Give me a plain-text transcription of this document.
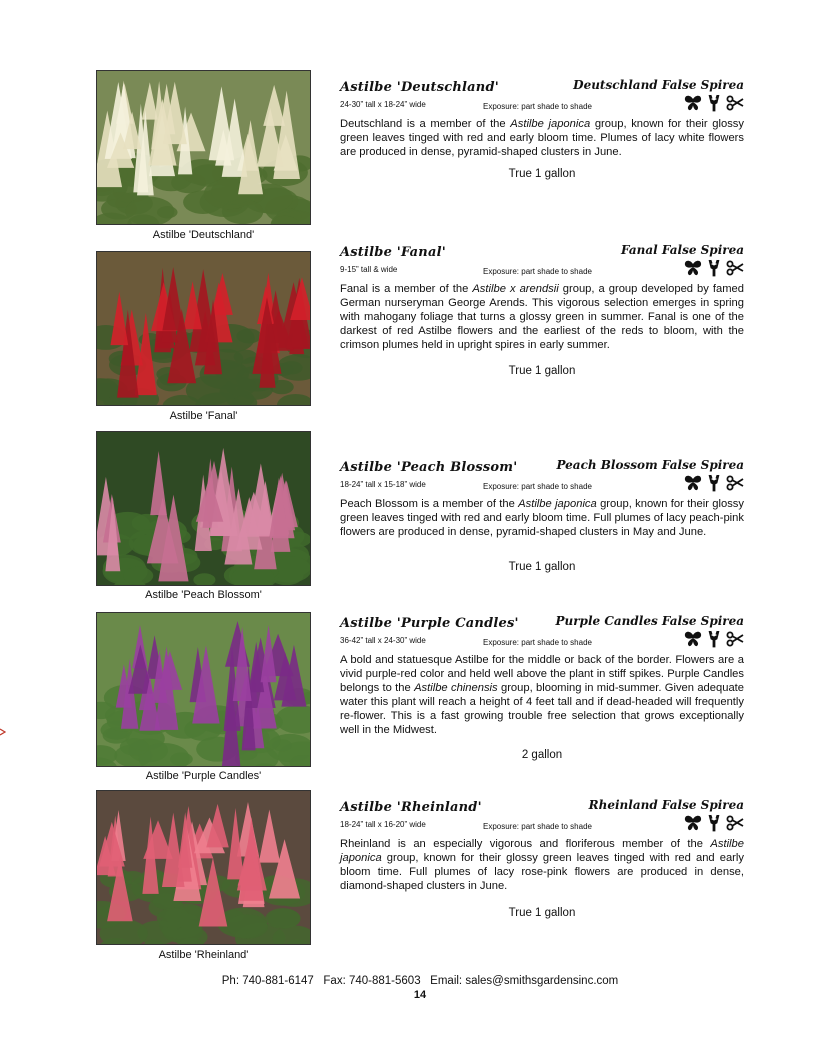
Astilbe 'Deutschland'
Astilbe 'Deutschland'	Deutschland False Spirea
24-30” tall x 18-24” wide	Exposure: part shade to shade
Deutschland is a member of the Astilbe japonica group, known for their glossy green leaves tinged with red and early bloom time. Plumes of lacy white flowers are produced in dense, pyramid-shaped clusters in June.
True 1 gallon
Astilbe 'Fanal'
Astilbe 'Fanal'	Fanal False Spirea
9-15” tall & wide	Exposure: part shade to shade
Fanal is a member of the Astilbe x arendsii group, a group developed by famed German nurseryman George Arends. This vigorous selection emerges in spring with mahogany foliage that turns a glossy green in summer. Fanal is one of the darkest of red Astilbe flowers and the earliest of the reds to bloom, with the crimson plumes held in upright spires in early summer.
True 1 gallon
Astilbe 'Peach Blossom'
Astilbe 'Peach Blossom'	Peach Blossom False Spirea
18-24” tall x 15-18” wide	Exposure: part shade to shade
Peach Blossom is a member of the Astilbe japonica group, known for their glossy green leaves tinged with red and early bloom time. Full plumes of lacy peach-pink flowers are produced in dense, pyramid-shaped clusters in May and June.
True 1 gallon
Astilbe 'Purple Candles'
Astilbe 'Purple Candles'	Purple Candles False Spirea
36-42” tall x 24-30” wide	Exposure: part shade to shade
A bold and statuesque Astilbe for the middle or back of the border. Flowers are a vivid purple-red color and held well above the plant in stiff spikes. Purple Candles belongs to the Astilbe chinensis group, blooming in mid-summer. Given adequate water this plant will reach a height of 4 feet tall and if dead-headed will frequently re-flower. This is a fast growing trouble free selection that grows exceptionally well in the Midwest.
2 gallon
Astilbe 'Rheinland'
Astilbe 'Rheinland'	Rheinland False Spirea
18-24” tall x 16-20” wide	Exposure: part shade to shade
Rheinland is an especially vigorous and floriferous member of the Astilbe japonica group, known for their glossy green leaves tinged with red and early bloom time. Full plumes of lacy rose-pink flowers are produced in dense, diamond-shaped clusters in June.
True 1 gallon
Ph: 740-881-6147   Fax: 740-881-5603   Email: sales@smithsgardensinc.com
14
